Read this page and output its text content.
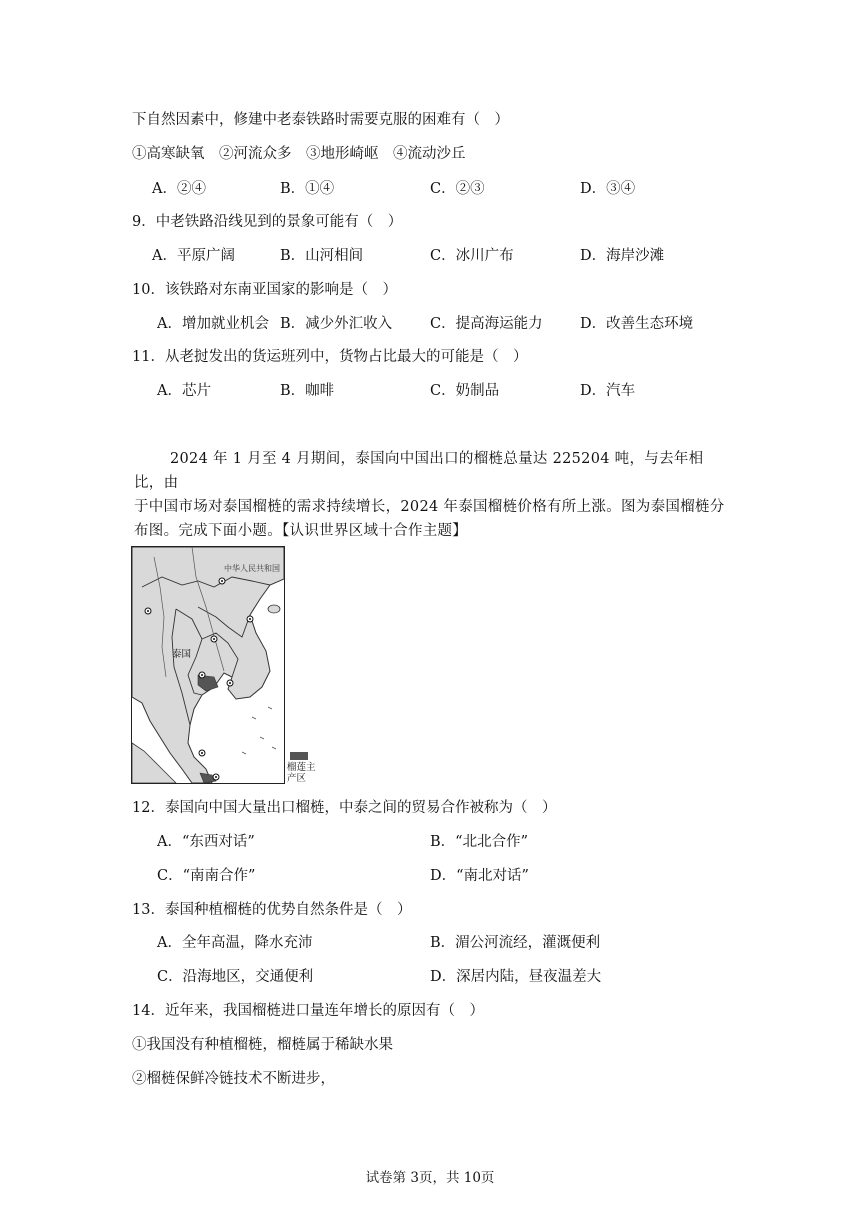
下自然因素中，修建中老泰铁路时需要克服的困难有（　）
①高寒缺氧　②河流众多　③地形崎岖　④流动沙丘
A．②④	B．①④	C．②③	D．③④
9．中老铁路沿线见到的景象可能有（　）
A．平原广阔	B．山河相间	C．冰川广布	D．海岸沙滩
10．该铁路对东南亚国家的影响是（　）
A．增加就业机会 B．减少外汇收入	C．提高海运能力	D．改善生态环境
11．从老挝发出的货运班列中，货物占比最大的可能是（　）
A．芯片	B．咖啡	C．奶制品	D．汽车

2024 年 1 月至 4 月期间，泰国向中国出口的榴梿总量达 225204 吨，与去年相比，由

于中国市场对泰国榴梿的需求持续增长，2024 年泰国榴梿价格有所上涨。图为泰国榴梿分

布图。完成下面小题。【认识世界区域十合作主题】

中华人民共和国
泰国
榴莲主
产区
12．泰国向中国大量出口榴梿，中泰之间的贸易合作被称为（　）
A．“东西对话”	B．“北北合作”
C．“南南合作”	D．“南北对话”
13．泰国种植榴梿的优势自然条件是（　）
A．全年高温，降水充沛	B．湄公河流经，灌溉便利
C．沿海地区，交通便利	D．深居内陆，昼夜温差大
14．近年来，我国榴梿进口量连年增长的原因有（　）
①我国没有种植榴梿，榴梿属于稀缺水果
②榴梿保鲜冷链技术不断进步，
试卷第 3页，共 10页
